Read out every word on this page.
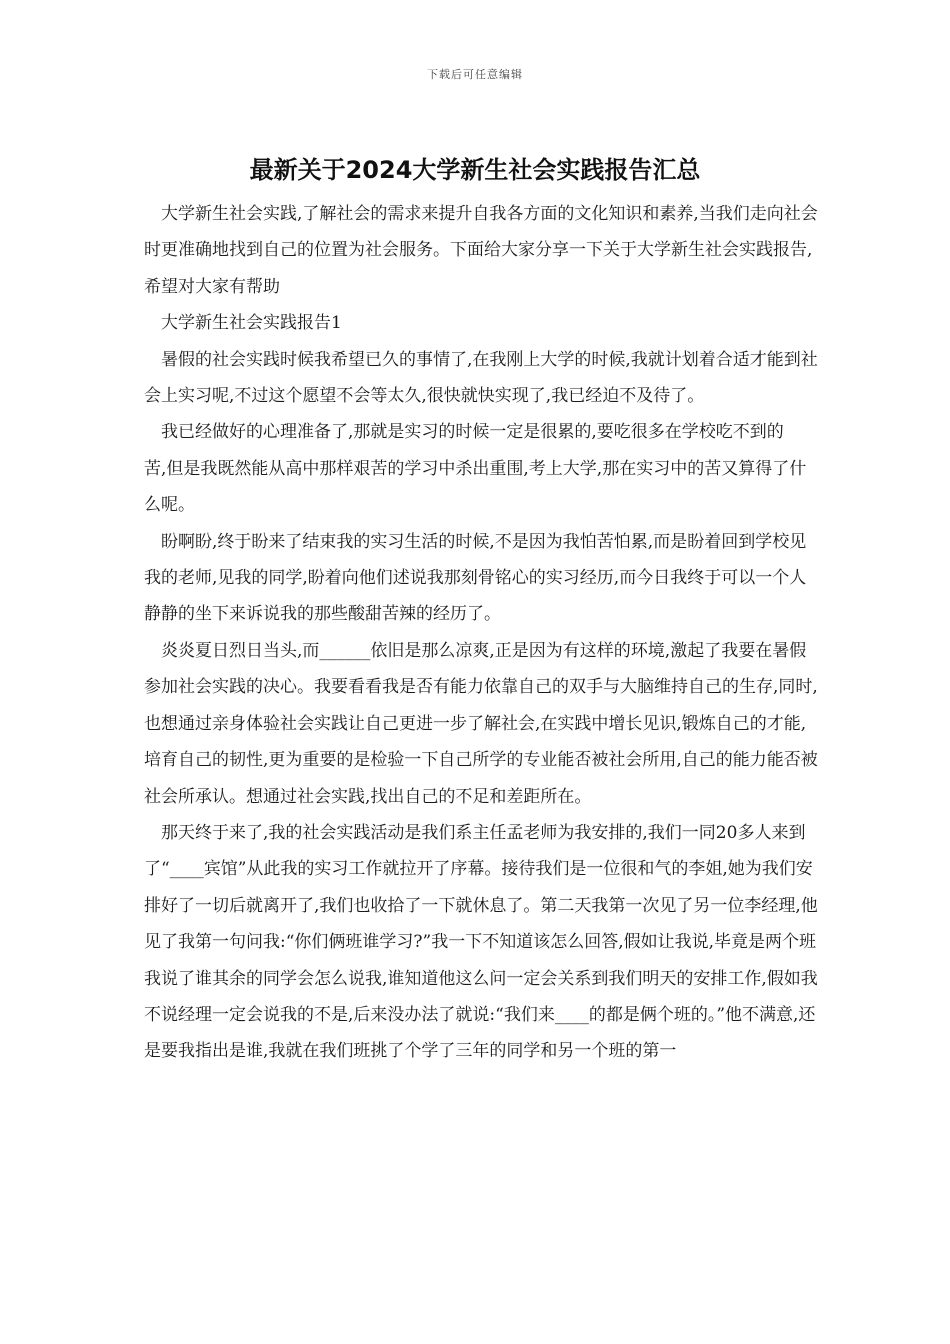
下载后可任意编辑
最新关于2024大学新生社会实践报告汇总

大学新生社会实践,了解社会的需求来提升自我各方面的文化知识和素养,当我们走向社会时更准确地找到自己的位置为社会服务。下面给大家分享一下关于大学新生社会实践报告,希望对大家有帮助

大学新生社会实践报告1

暑假的社会实践时候我希望已久的事情了,在我刚上大学的时候,我就计划着合适才能到社会上实习呢,不过这个愿望不会等太久,很快就快实现了,我已经迫不及待了。

我已经做好的心理准备了,那就是实习的时候一定是很累的,要吃很多在学校吃不到的

苦,但是我既然能从高中那样艰苦的学习中杀出重围,考上大学,那在实习中的苦又算得了什么呢。

盼啊盼,终于盼来了结束我的实习生活的时候,不是因为我怕苦怕累,而是盼着回到学校见我的老师,见我的同学,盼着向他们述说我那刻骨铭心的实习经历,而今日我终于可以一个人静静的坐下来诉说我的那些酸甜苦辣的经历了。

炎炎夏日烈日当头,而______依旧是那么凉爽,正是因为有这样的环境,激起了我要在暑假参加社会实践的决心。我要看看我是否有能力依靠自己的双手与大脑维持自己的生存,同时,也想通过亲身体验社会实践让自己更进一步了解社会,在实践中增长见识,锻炼自己的才能,培育自己的韧性,更为重要的是检验一下自己所学的专业能否被社会所用,自己的能力能否被社会所承认。想通过社会实践,找出自己的不足和差距所在。

那天终于来了,我的社会实践活动是我们系主任孟老师为我安排的,我们一同20多人来到了“____宾馆”从此我的实习工作就拉开了序幕。接待我们是一位很和气的李姐,她为我们安排好了一切后就离开了,我们也收拾了一下就休息了。第二天我第一次见了另一位李经理,他见了我第一句问我:“你们俩班谁学习?”我一下不知道该怎么回答,假如让我说,毕竟是两个班我说了谁其余的同学会怎么说我,谁知道他这么问一定会关系到我们明天的安排工作,假如我不说经理一定会说我的不是,后来没办法了就说:“我们来____的都是俩个班的。”他不满意,还是要我指出是谁,我就在我们班挑了个学了三年的同学和另一个班的第一
